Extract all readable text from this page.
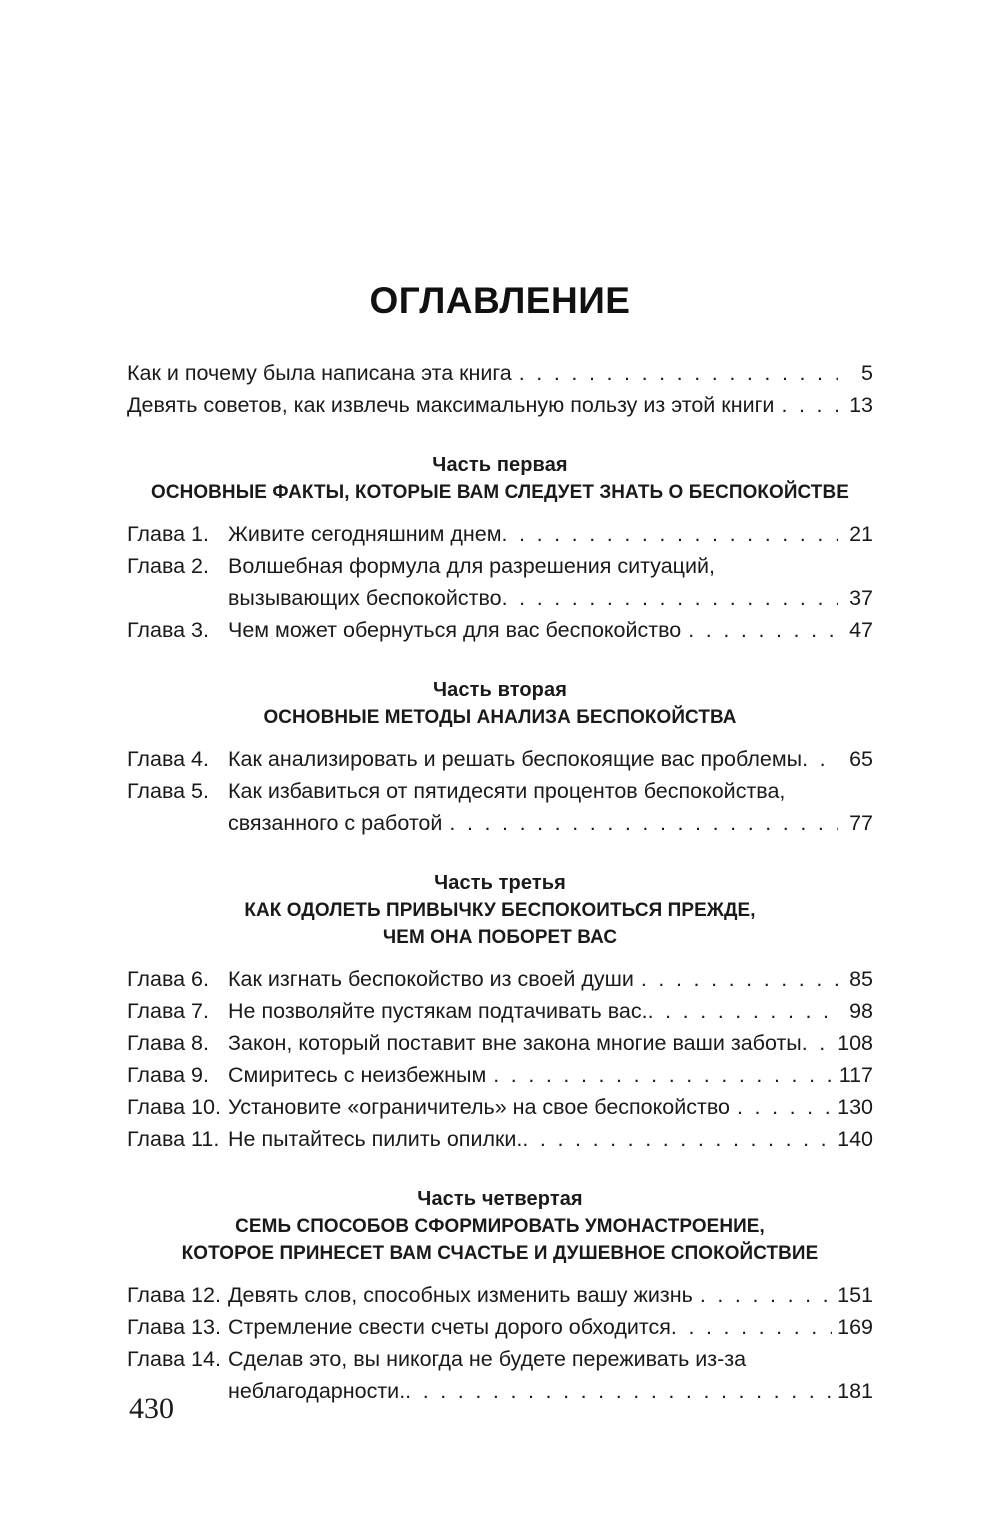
ОГЛАВЛЕНИЕ
Как и почему была написана эта книга . . .	5
Девять советов, как извлечь максимальную пользу из этой книги . . .	13
Часть первая
ОСНОВНЫЕ ФАКТЫ, КОТОРЫЕ ВАМ СЛЕДУЕТ ЗНАТЬ О БЕСПОКОЙСТВЕ
Глава 1. Живите сегодняшним днем . . .	21
Глава 2. Волшебная формула для разрешения ситуаций,
вызывающих беспокойство . . .	37
Глава 3. Чем может обернуться для вас беспокойство . . .	47
Часть вторая
ОСНОВНЫЕ МЕТОДЫ АНАЛИЗА БЕСПОКОЙСТВА
Глава 4. Как анализировать и решать беспокоящие вас проблемы . . .	65
Глава 5. Как избавиться от пятидесяти процентов беспокойства,
связанного с работой . . .	77
Часть третья
КАК ОДОЛЕТЬ ПРИВЫЧКУ БЕСПОКОИТЬСЯ ПРЕЖДЕ,
ЧЕМ ОНА ПОБОРЕТ ВАС
Глава 6. Как изгнать беспокойство из своей души . . .	85
Глава 7. Не позволяйте пустякам подтачивать вас. . . .	98
Глава 8. Закон, который поставит вне закона многие ваши заботы . . . 108
Глава 9. Смиритесь с неизбежным . . .	117
Глава 10. Установите «ограничитель» на свое беспокойство . . .	130
Глава 11. Не пытайтесь пилить опилки. . . .	140
Часть четвертая
СЕМЬ СПОСОБОВ СФОРМИРОВАТЬ УМОНАСТРОЕНИЕ,
КОТОРОЕ ПРИНЕСЕТ ВАМ СЧАСТЬЕ И ДУШЕВНОЕ СПОКОЙСТВИЕ
Глава 12. Девять слов, способных изменить вашу жизнь . . .	151
Глава 13. Стремление свести счеты дорого обходится . . .	169
Глава 14. Сделав это, вы никогда не будете переживать из-за
неблагодарности. . . .	181
430
